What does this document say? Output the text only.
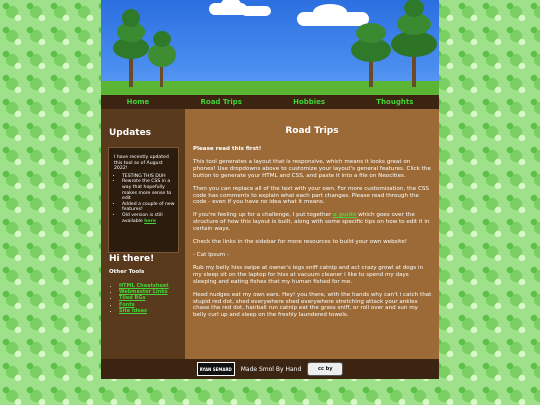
Home	Road Trips	Hobbies	Thoughts
Updates

I have recently updated this tool as of August 2022!

• TESTING THIS DUH
• Rewrote the CSS in a way that hopefully makes more sense to edit
• Added a couple of new features!
• Old version is still available here
Hi there!
Other Tools
• HTML Cheatsheet
• Webmaster Links
• Tiled BGs
• Fonts
• Site Ideas
Road Trips

Please read this first!

This tool generates a layout that is responsive, which means it looks great on phones! Use dropdowns above to customize your layout's general features. Click the button to generate your HTML and CSS, and paste it into a file on Neocities.

Then you can replace all of the text with your own. For more customization, the CSS code has comments to explain what each part changes. Please read through the code - even if you have no idea what it means.

If you're feeling up for a challenge, I put together a guide which goes over the structure of how this layout is built, along with some specific tips on how to edit it in certain ways.

Check the links in the sidebar for more resources to build your own website!

- Cat Ipsum -

Rub my belly hiss swipe at owner's legs sniff catnip and act crazy growl at dogs in my sleep sit on the laptop for hiss at vacuum cleaner i like to spend my days sleeping and eating fishes that my human fished for me.

Head nudges eat my own ears. Hey! you there, with the hands why can't i catch that stupid red dot, shed everywhere shed everywhere stretching attack your ankles chase the red dot, hairball run catnip eat the grass sniff, or roll over and sun my belly curl up and sleep on the freshly laundered towels.

RYAN SEMARD	Made Smol By Hand	cc by
